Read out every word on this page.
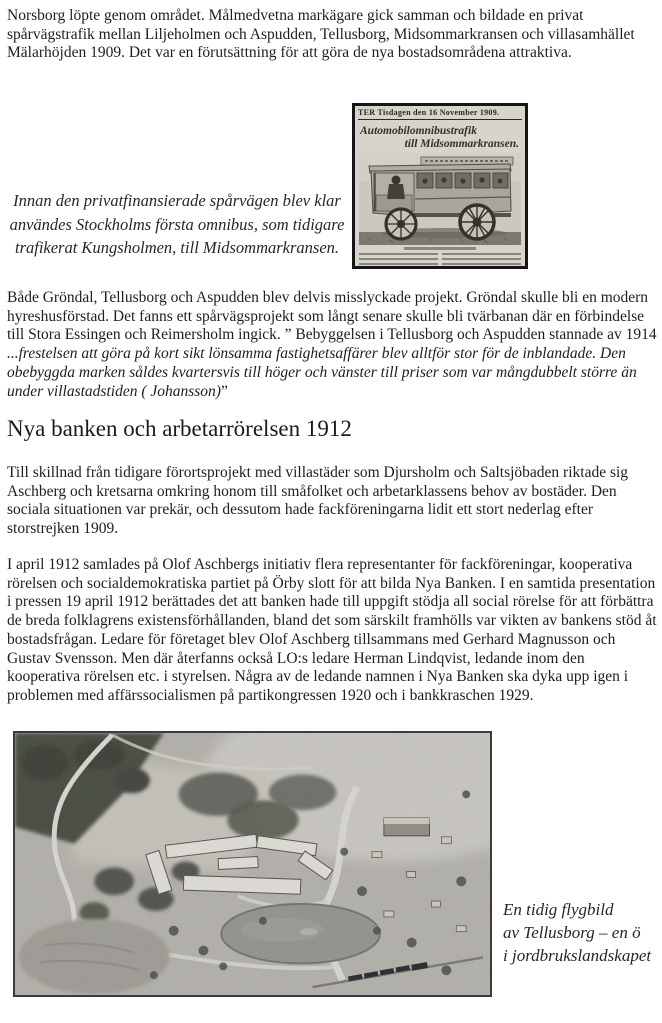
Norsborg löpte genom området. Målmedvetna markägare gick samman och bildade en privat spårvägstrafik mellan Liljeholmen och Aspudden, Tellusborg, Midsommarkransen och villasamhället Mälarhöjden 1909. Det var en förutsättning för att göra de nya bostadsområdena attraktiva.

Innan den privatfinansierade spårvägen blev klar användes Stockholms första omnibus, som tidigare trafikerat Kungsholmen, till Midsommarkransen.
TER Tisdagen den 16 November 1909.
Automobilomnibustrafik
till Midsommarkransen.

Både Gröndal, Tellusborg och Aspudden blev delvis misslyckade projekt. Gröndal skulle bli en modern hyreshusförstad. Det fanns ett spårvägsprojekt som långt senare skulle bli tvärbanan där en förbindelse till Stora Essingen och Reimersholm ingick. ” Bebyggelsen i Tellusborg och Aspudden stannade av 1914 ...frestelsen att göra på kort sikt lönsamma fastighetsaffärer blev alltför stor för de inblandade. Den obebyggda marken såldes kvartersvis till höger och vänster till priser som var mångdubbelt större än under villastadstiden ( Johansson)”

Nya banken och arbetarrörelsen 1912

Till skillnad från tidigare förortsprojekt med villastäder som Djursholm och Saltsjöbaden riktade sig Aschberg och kretsarna omkring honom till småfolket och arbetarklassens behov av bostäder. Den sociala situationen var prekär, och dessutom hade fackföreningarna lidit ett stort nederlag efter storstrejken 1909.

I april 1912 samlades på Olof Aschbergs initiativ flera representanter för fackföreningar, kooperativa rörelsen och socialdemokratiska partiet på Örby slott för att bilda Nya Banken. I en samtida presentation i pressen 19 april 1912 berättades det att banken hade till uppgift stödja all social rörelse för att förbättra de breda folklagrens existensförhållanden, bland det som särskilt framhölls var vikten av bankens stöd åt bostadsfrågan. Ledare för företaget blev Olof Aschberg tillsammans med Gerhard Magnusson och Gustav Svensson. Men där återfanns också LO:s ledare Herman Lindqvist, ledande inom den kooperativa rörelsen etc. i styrelsen. Några av de ledande namnen i Nya Banken ska dyka upp igen i problemen med affärssocialismen på partikongressen 1920 och i bankkraschen 1929.

En tidig flygbild
av Tellusborg – en ö
i jordbrukslandskapet
